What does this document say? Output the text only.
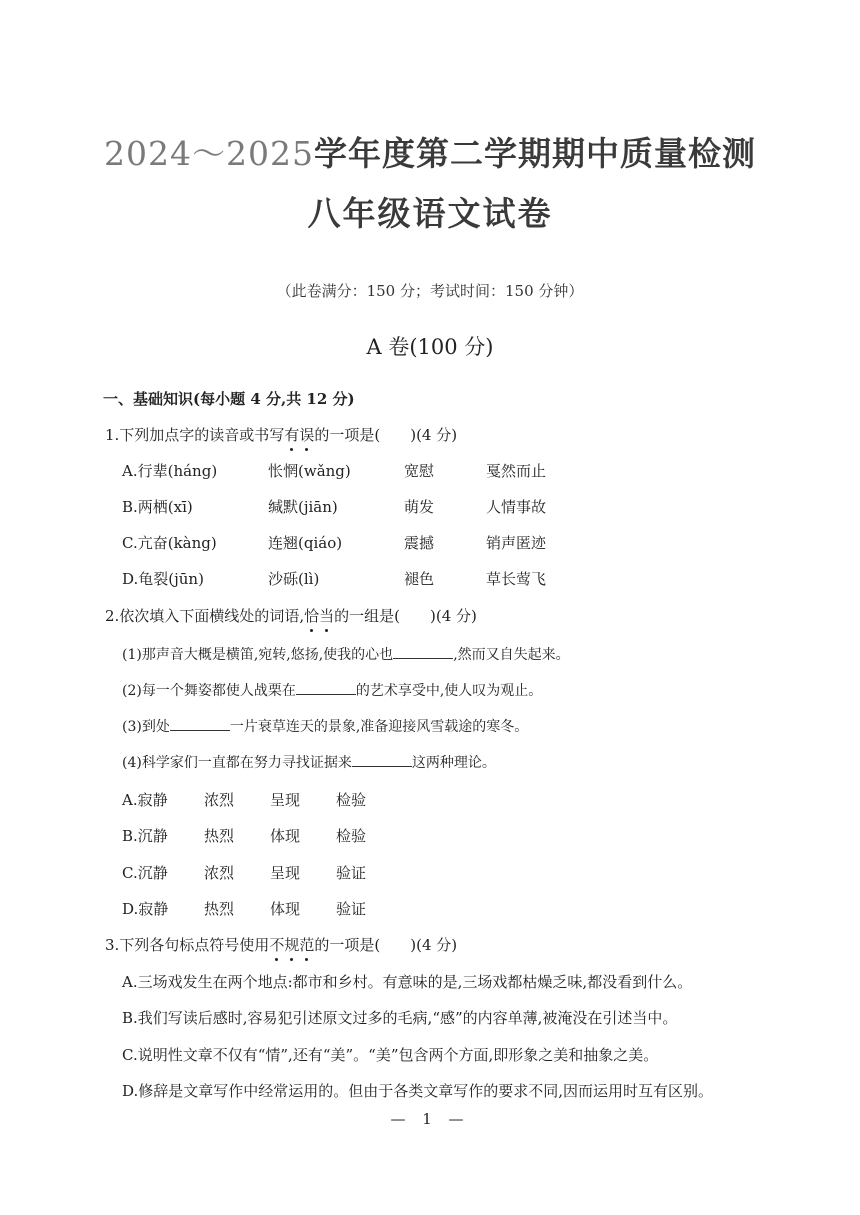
2024～2025学年度第二学期期中质量检测
八年级语文试卷
（此卷满分：150 分；考试时间：150 分钟）
A 卷(100 分)
一、基础知识(每小题 4 分,共 12 分)
1.下列加点字的读音或书写有误的一项是( )(4 分)
A.行辈(háng)	怅惘(wǎng)	宽慰	戛然而止
B.两栖(xī)	缄默(jiān)	萌发	人情事故
C.亢奋(kàng)	连翘(qiáo)	震撼	销声匿迹
D.龟裂(jūn)	沙砾(lì)	褪色	草长莺飞
2.依次填入下面横线处的词语,恰当的一组是( )(4 分)
(1)那声音大概是横笛,宛转,悠扬,使我的心也	,然而又自失起来。
(2)每一个舞姿都使人战栗在	的艺术享受中,使人叹为观止。
(3)到处	一片衰草连天的景象,准备迎接风雪载途的寒冬。
(4)科学家们一直都在努力寻找证据来	这两种理论。
A.寂静 浓烈 呈现 检验
B.沉静 热烈 体现 检验
C.沉静 浓烈 呈现 验证
D.寂静 热烈 体现 验证
3.下列各句标点符号使用不规范的一项是( )(4 分)
A.三场戏发生在两个地点:都市和乡村。有意味的是,三场戏都枯燥乏味,都没看到什么。
B.我们写读后感时,容易犯引述原文过多的毛病,“感”的内容单薄,被淹没在引述当中。
C.说明性文章不仅有“情”,还有“美”。“美”包含两个方面,即形象之美和抽象之美。
D.修辞是文章写作中经常运用的。但由于各类文章写作的要求不同,因而运用时互有区别。
— 1 —
